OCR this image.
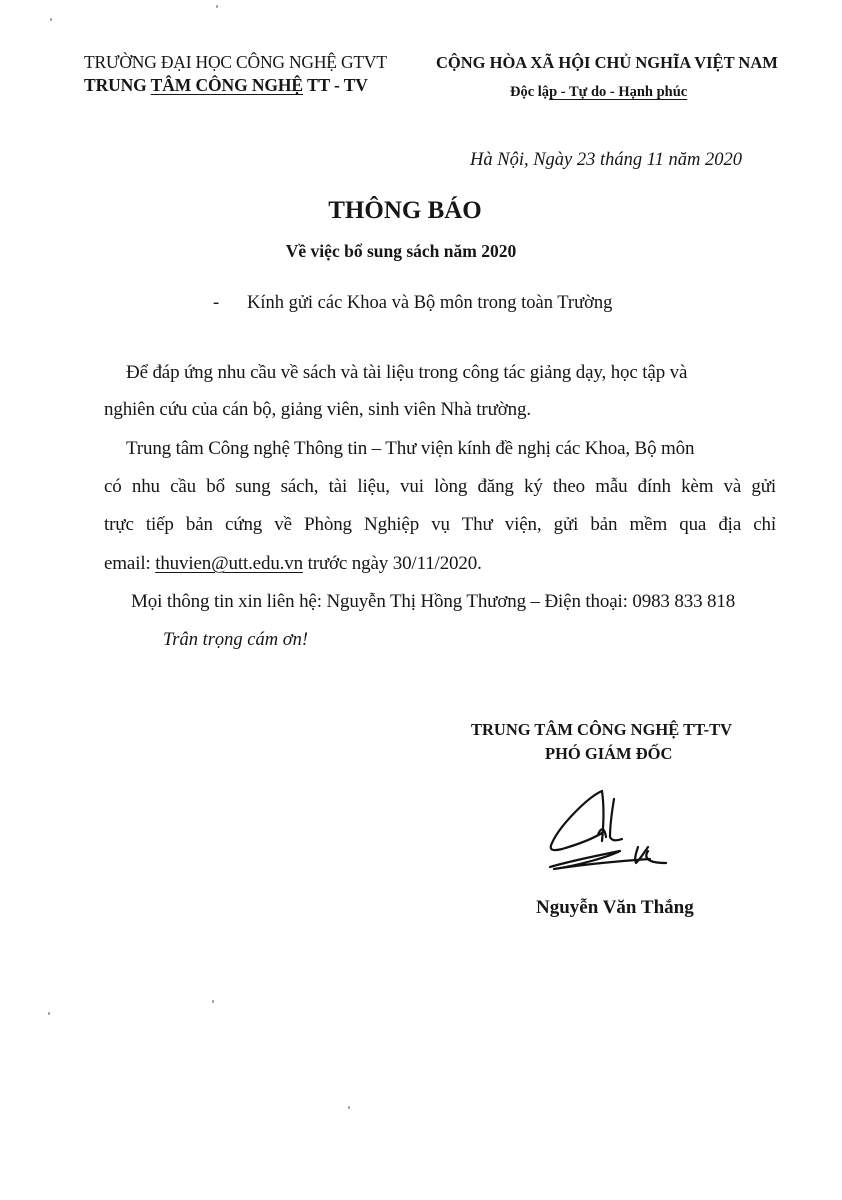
TRƯỜNG ĐẠI HỌC CÔNG NGHỆ GTVT
TRUNG TÂM CÔNG NGHỆ TT - TV
CỘNG HÒA XÃ HỘI CHỦ NGHĨA VIỆT NAM
Độc lập - Tự do - Hạnh phúc
Hà Nội, Ngày 23 tháng 11 năm 2020
THÔNG BÁO
Về việc bổ sung sách năm 2020
- Kính gửi các Khoa và Bộ môn trong toàn Trường
Để đáp ứng nhu cầu về sách và tài liệu trong công tác giảng dạy, học tập và
nghiên cứu của cán bộ, giảng viên, sinh viên Nhà trường.
Trung tâm Công nghệ Thông tin – Thư viện kính đề nghị các Khoa, Bộ môn
có nhu cầu bổ sung sách, tài liệu, vui lòng đăng ký theo mẫu đính kèm và gửi
trực tiếp bản cứng về Phòng Nghiệp vụ Thư viện, gửi bản mềm qua địa chỉ
email: thuvien@utt.edu.vn trước ngày 30/11/2020.
Mọi thông tin xin liên hệ: Nguyễn Thị Hồng Thương – Điện thoại: 0983 833 818
Trân trọng cám ơn!
TRUNG TÂM CÔNG NGHỆ TT-TV
PHÓ GIÁM ĐỐC
Nguyễn Văn Thắng
